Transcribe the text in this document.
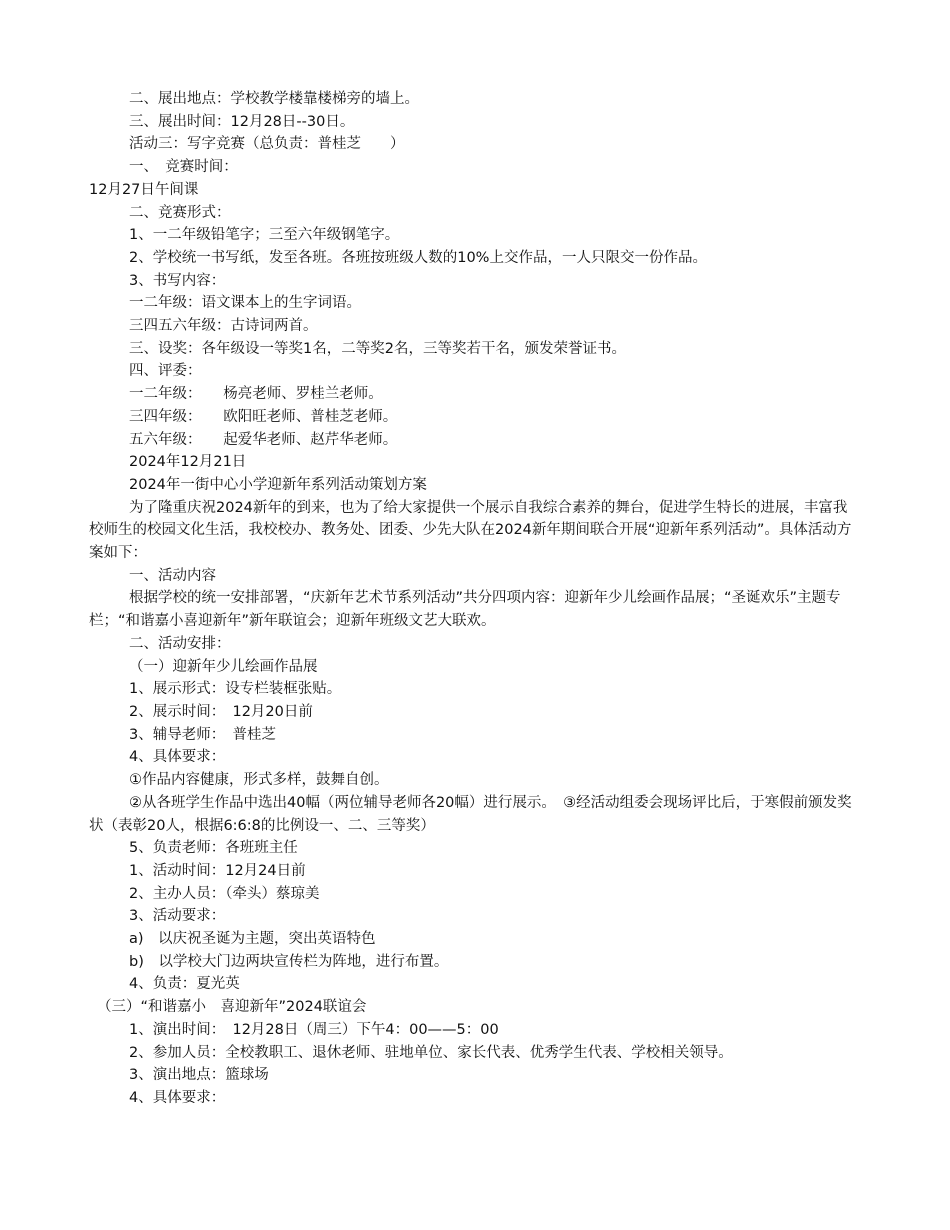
二、展出地点：学校教学楼靠楼梯旁的墙上。

三、展出时间：12月28日--30日。

活动三：写字竞赛（总负责：普桂芝　　）

一、　竞赛时间：

12月27日午间课

二、竞赛形式：

1、一二年级铅笔字；三至六年级钢笔字。

2、学校统一书写纸，发至各班。各班按班级人数的10%上交作品，一人只限交一份作品。

3、书写内容：

一二年级：语文课本上的生字词语。

三四五六年级：古诗词两首。

三、设奖：各年级设一等奖1名，二等奖2名，三等奖若干名，颁发荣誉证书。

四、评委：

一二年级：　　杨亮老师、罗桂兰老师。

三四年级：　　欧阳旺老师、普桂芝老师。

五六年级：　　起爱华老师、赵芹华老师。

2024年12月21日

2024年一街中心小学迎新年系列活动策划方案

为了隆重庆祝2024新年的到来，也为了给大家提供一个展示自我综合素养的舞台，促进学生特长的进展，丰富我校师生的校园文化生活，我校校办、教务处、团委、少先大队在2024新年期间联合开展“迎新年系列活动”。具体活动方案如下：

一、活动内容

根据学校的统一安排部署，“庆新年艺术节系列活动”共分四项内容：迎新年少儿绘画作品展；“圣诞欢乐”主题专栏；“和谐嘉小喜迎新年”新年联谊会；迎新年班级文艺大联欢。

二、活动安排：

（一）迎新年少儿绘画作品展

1、展示形式：设专栏装框张贴。

2、展示时间：　12月20日前

3、辅导老师：　普桂芝

4、具体要求：

①作品内容健康，形式多样，鼓舞自创。

②从各班学生作品中选出40幅（两位辅导老师各20幅）进行展示。　③经活动组委会现场评比后，于寒假前颁发奖状（表彰20人，根据6:6:8的比例设一、二、三等奖）

5、负责老师：各班班主任

1、活动时间：12月24日前

2、主办人员：（牵头）蔡琼美

3、活动要求：

a)　以庆祝圣诞为主题，突出英语特色

b)　以学校大门边两块宣传栏为阵地，进行布置。

4、负责：夏光英

（三）“和谐嘉小　喜迎新年”2024联谊会

1、演出时间：　12月28日（周三）下午4：00——5：00

2、参加人员：全校教职工、退休老师、驻地单位、家长代表、优秀学生代表、学校相关领导。

3、演出地点：篮球场

4、具体要求：
